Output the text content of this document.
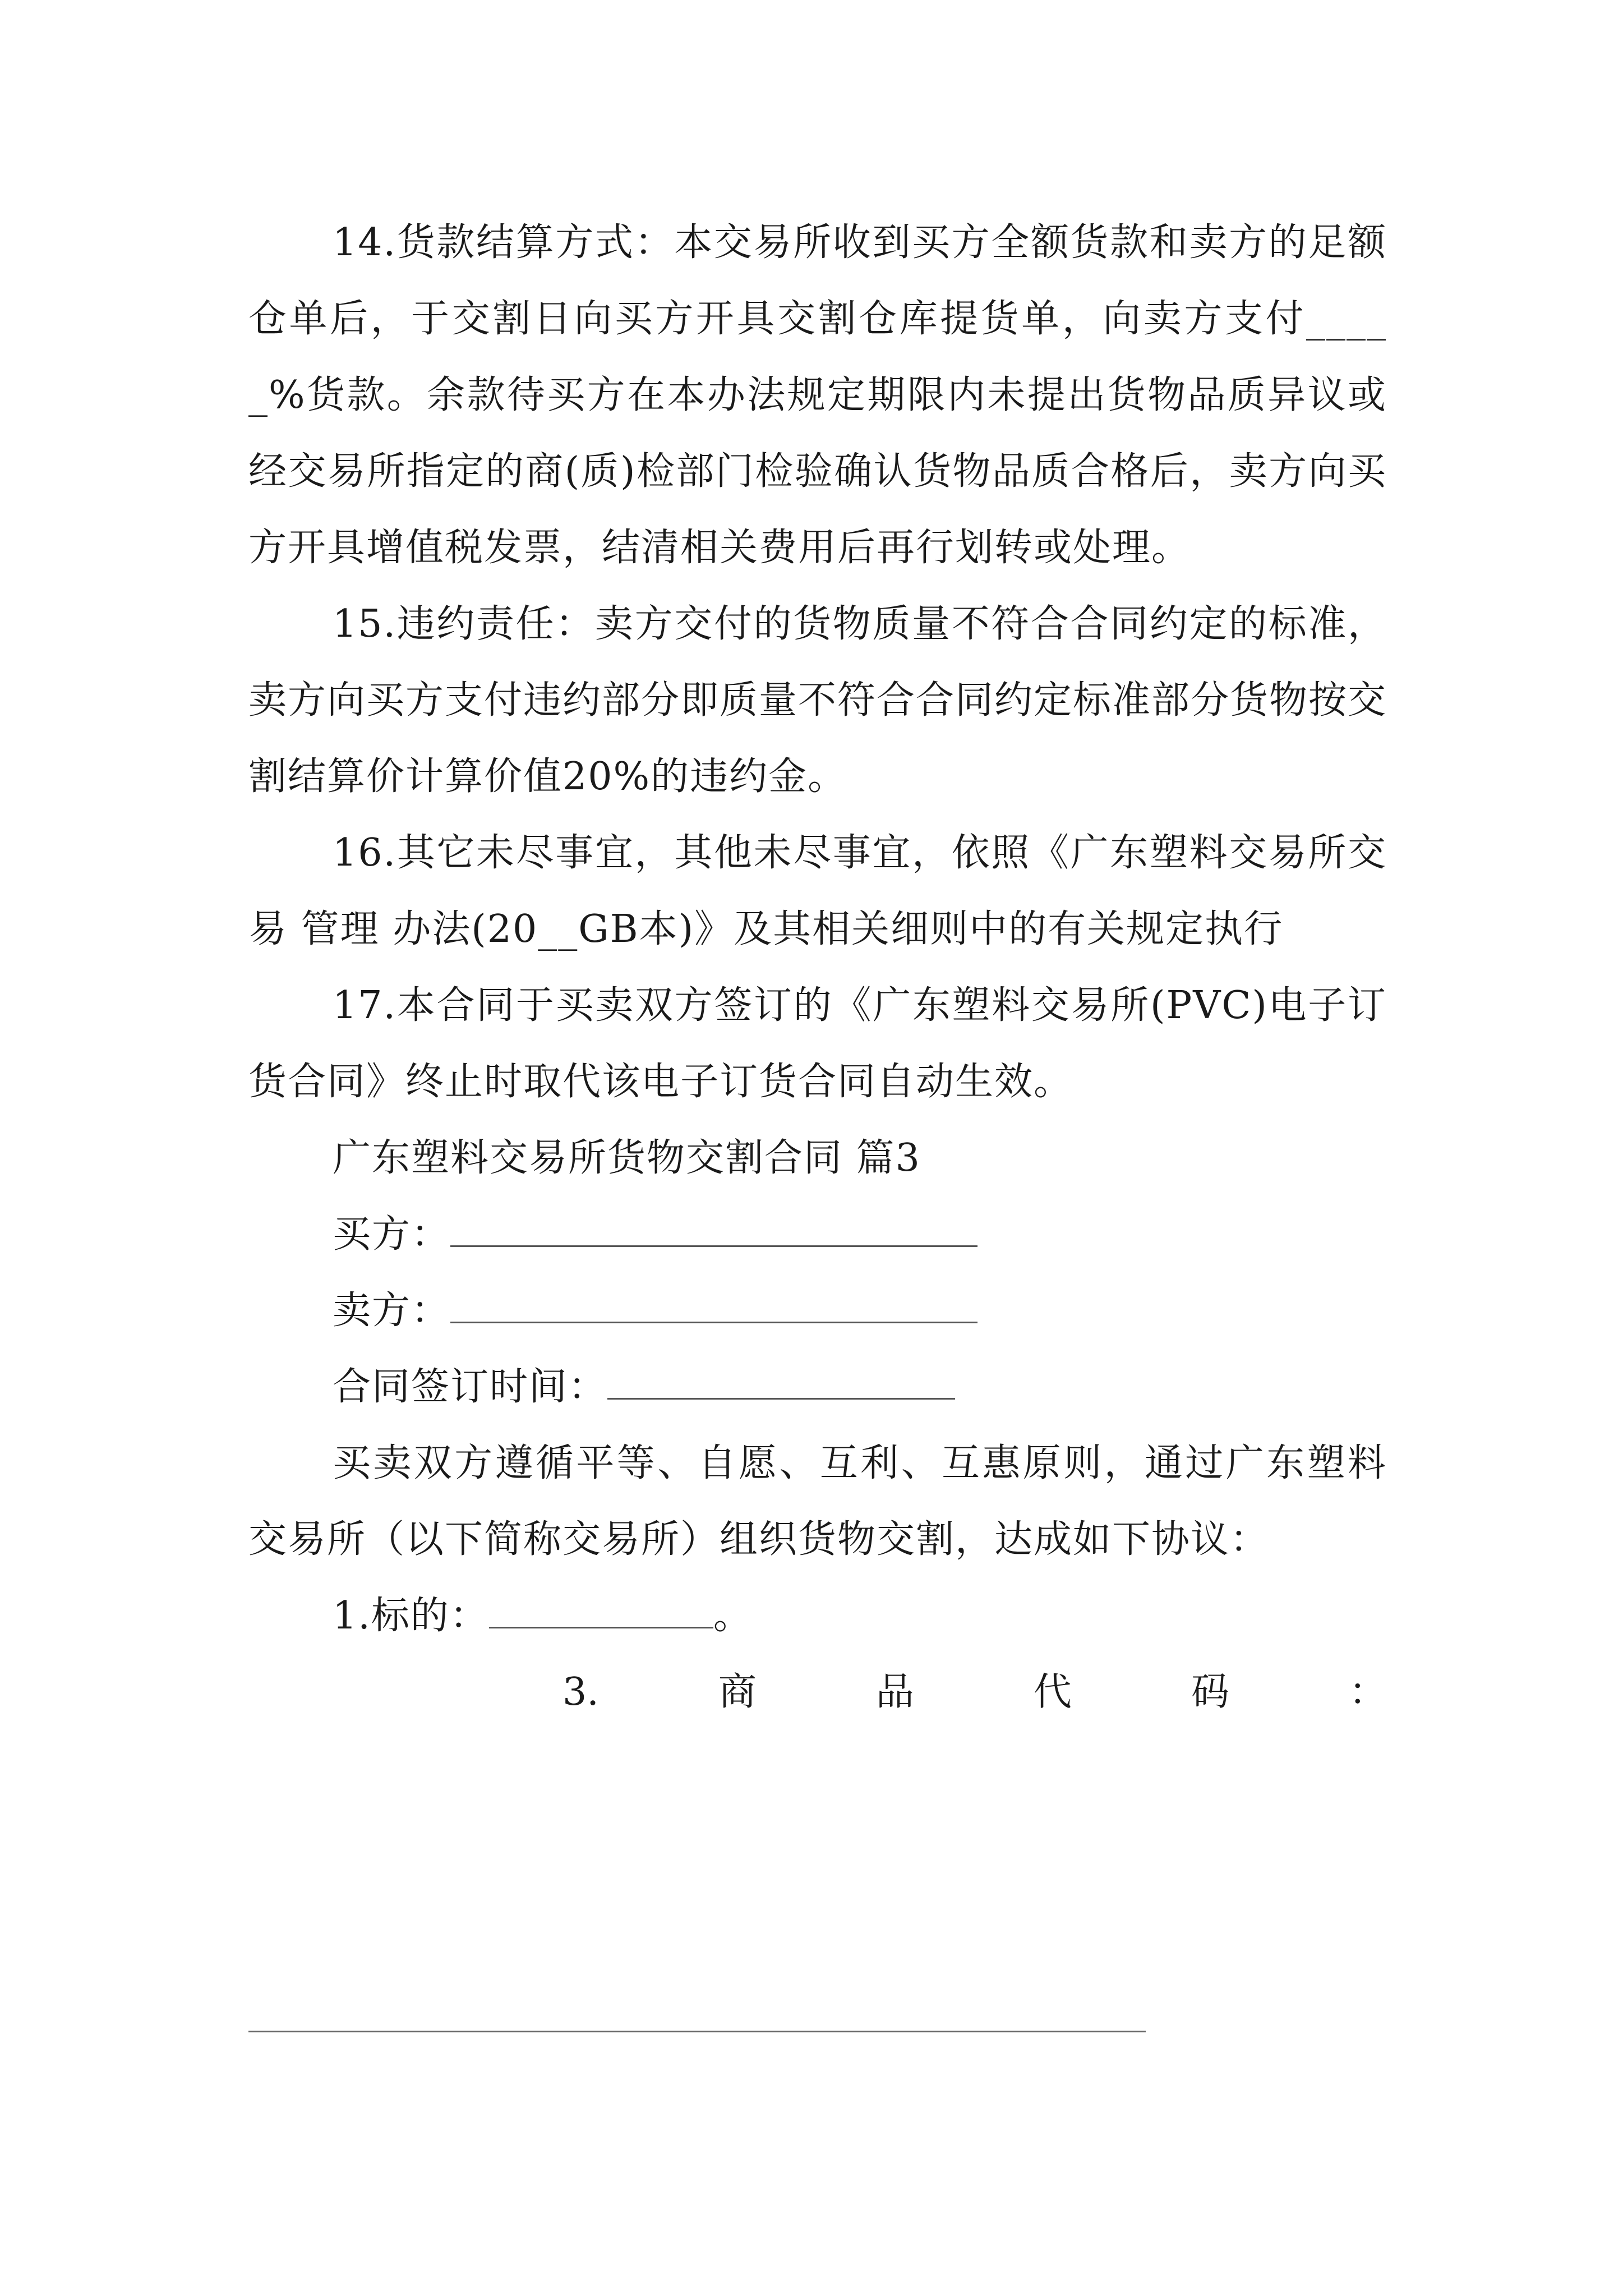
14.货款结算方式：本交易所收到买方全额货款和卖方的足额仓单后，于交割日向买方开具交割仓库提货单，向卖方支付_____%货款。余款待买方在本办法规定期限内未提出货物品质异议或经交易所指定的商(质)检部门检验确认货物品质合格后，卖方向买方开具增值税发票，结清相关费用后再行划转或处理。

15.违约责任：卖方交付的货物质量不符合合同约定的标准，卖方向买方支付违约部分即质量不符合合同约定标准部分货物按交割结算价计算价值20%的违约金。

16.其它未尽事宜，其他未尽事宜，依照《广东塑料交易所交易 管理 办法(20__GB本)》及其相关细则中的有关规定执行

17.本合同于买卖双方签订的《广东塑料交易所(PVC)电子订货合同》终止时取代该电子订货合同自动生效。

广东塑料交易所货物交割合同 篇3

买方：

卖方：

合同签订时间：

买卖双方遵循平等、自愿、互利、互惠原则，通过广东塑料交易所（以下简称交易所）组织货物交割，达成如下协议：

1.标的：	。

3.	商	品	代	码	：
